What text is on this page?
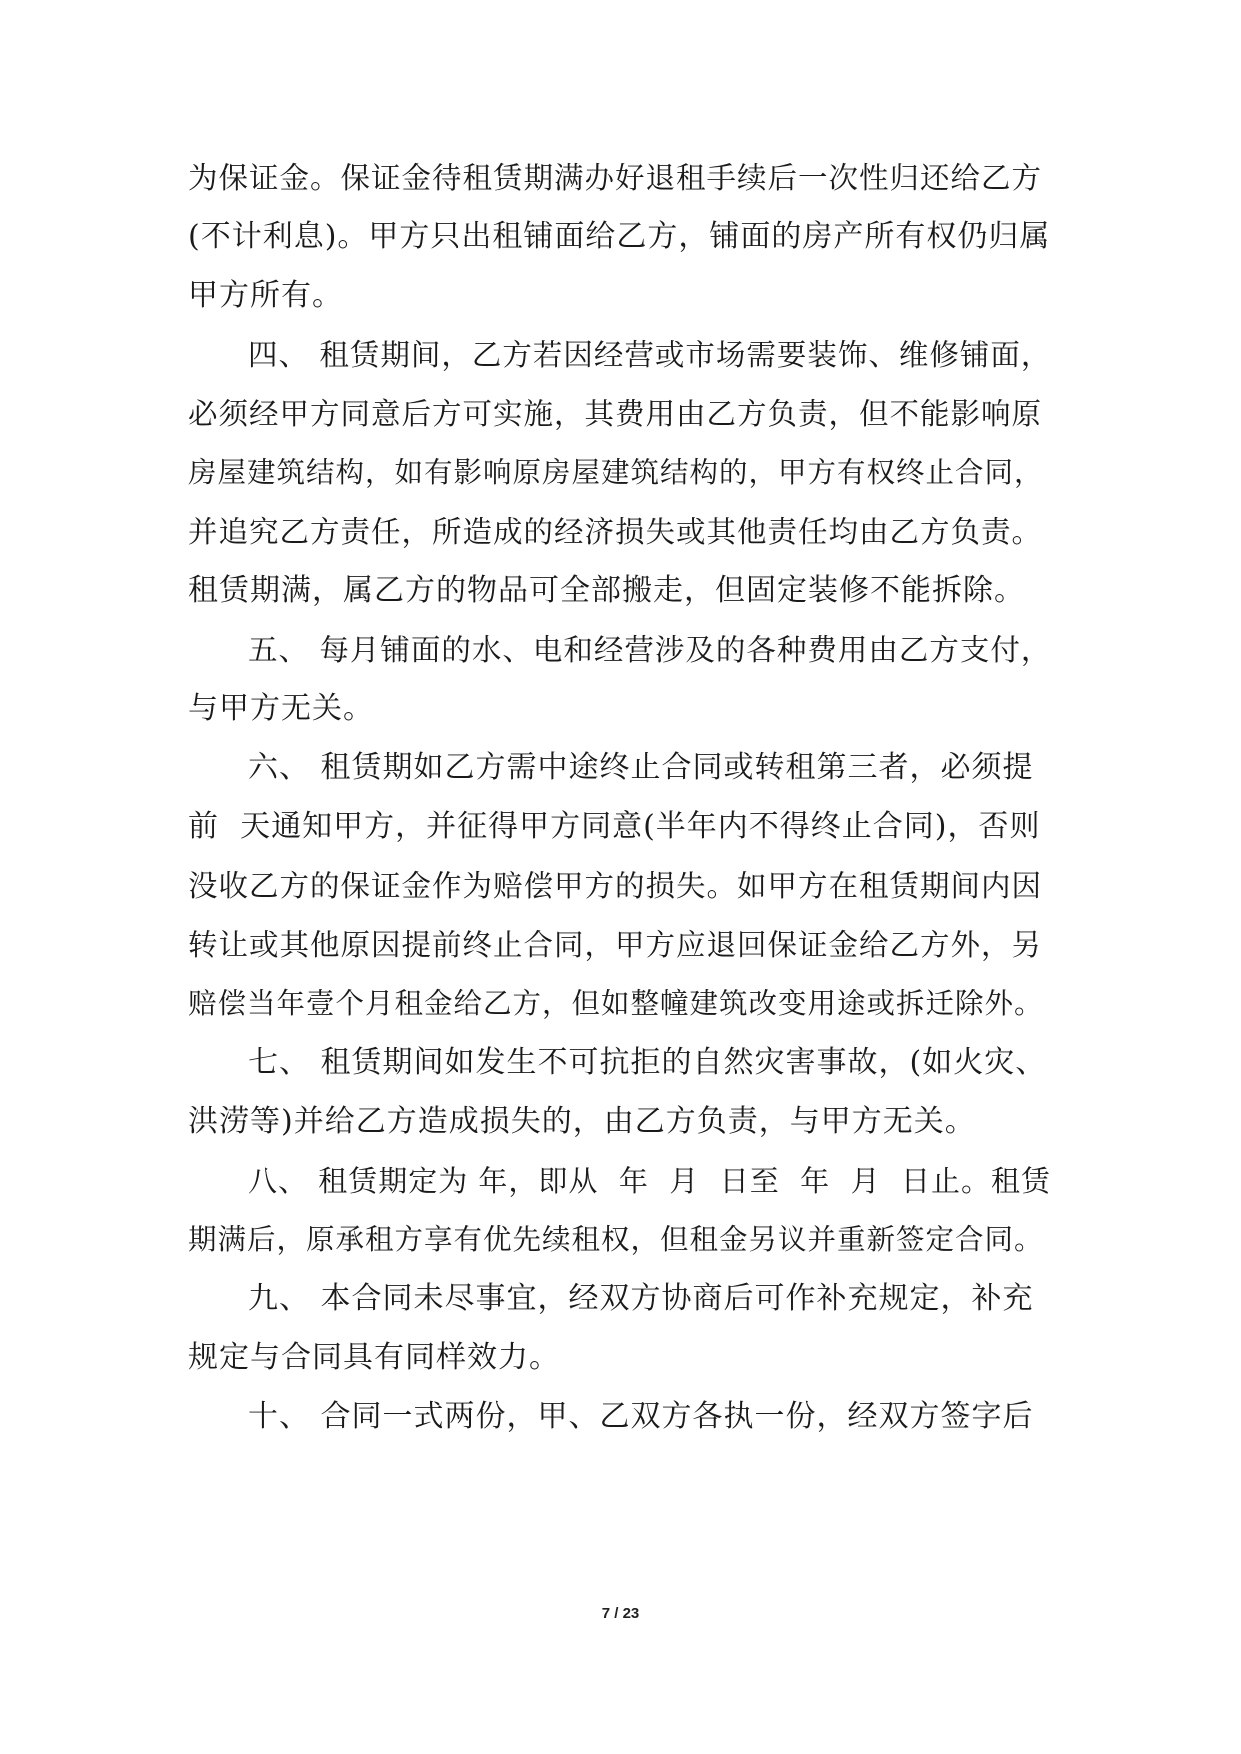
为保证金。保证金待租赁期满办好退租手续后一次性归还给乙方
(不计利息)。甲方只出租铺面给乙方，铺面的房产所有权仍归属
甲方所有。
四、 租赁期间，乙方若因经营或市场需要装饰、维修铺面，
必须经甲方同意后方可实施，其费用由乙方负责，但不能影响原
房屋建筑结构，如有影响原房屋建筑结构的，甲方有权终止合同，
并追究乙方责任，所造成的经济损失或其他责任均由乙方负责。
租赁期满，属乙方的物品可全部搬走，但固定装修不能拆除。
五、 每月铺面的水、电和经营涉及的各种费用由乙方支付，
与甲方无关。
六、 租赁期如乙方需中途终止合同或转租第三者，必须提
前  天通知甲方，并征得甲方同意(半年内不得终止合同)，否则
没收乙方的保证金作为赔偿甲方的损失。如甲方在租赁期间内因
转让或其他原因提前终止合同，甲方应退回保证金给乙方外，另
赔偿当年壹个月租金给乙方，但如整幢建筑改变用途或拆迁除外。
七、 租赁期间如发生不可抗拒的自然灾害事故，(如火灾、
洪涝等)并给乙方造成损失的，由乙方负责，与甲方无关。
八、 租赁期定为 年，即从  年  月  日至  年  月  日止。租赁
期满后，原承租方享有优先续租权，但租金另议并重新签定合同。
九、 本合同未尽事宜，经双方协商后可作补充规定，补充
规定与合同具有同样效力。
十、 合同一式两份，甲、乙双方各执一份，经双方签字后
7 / 23
